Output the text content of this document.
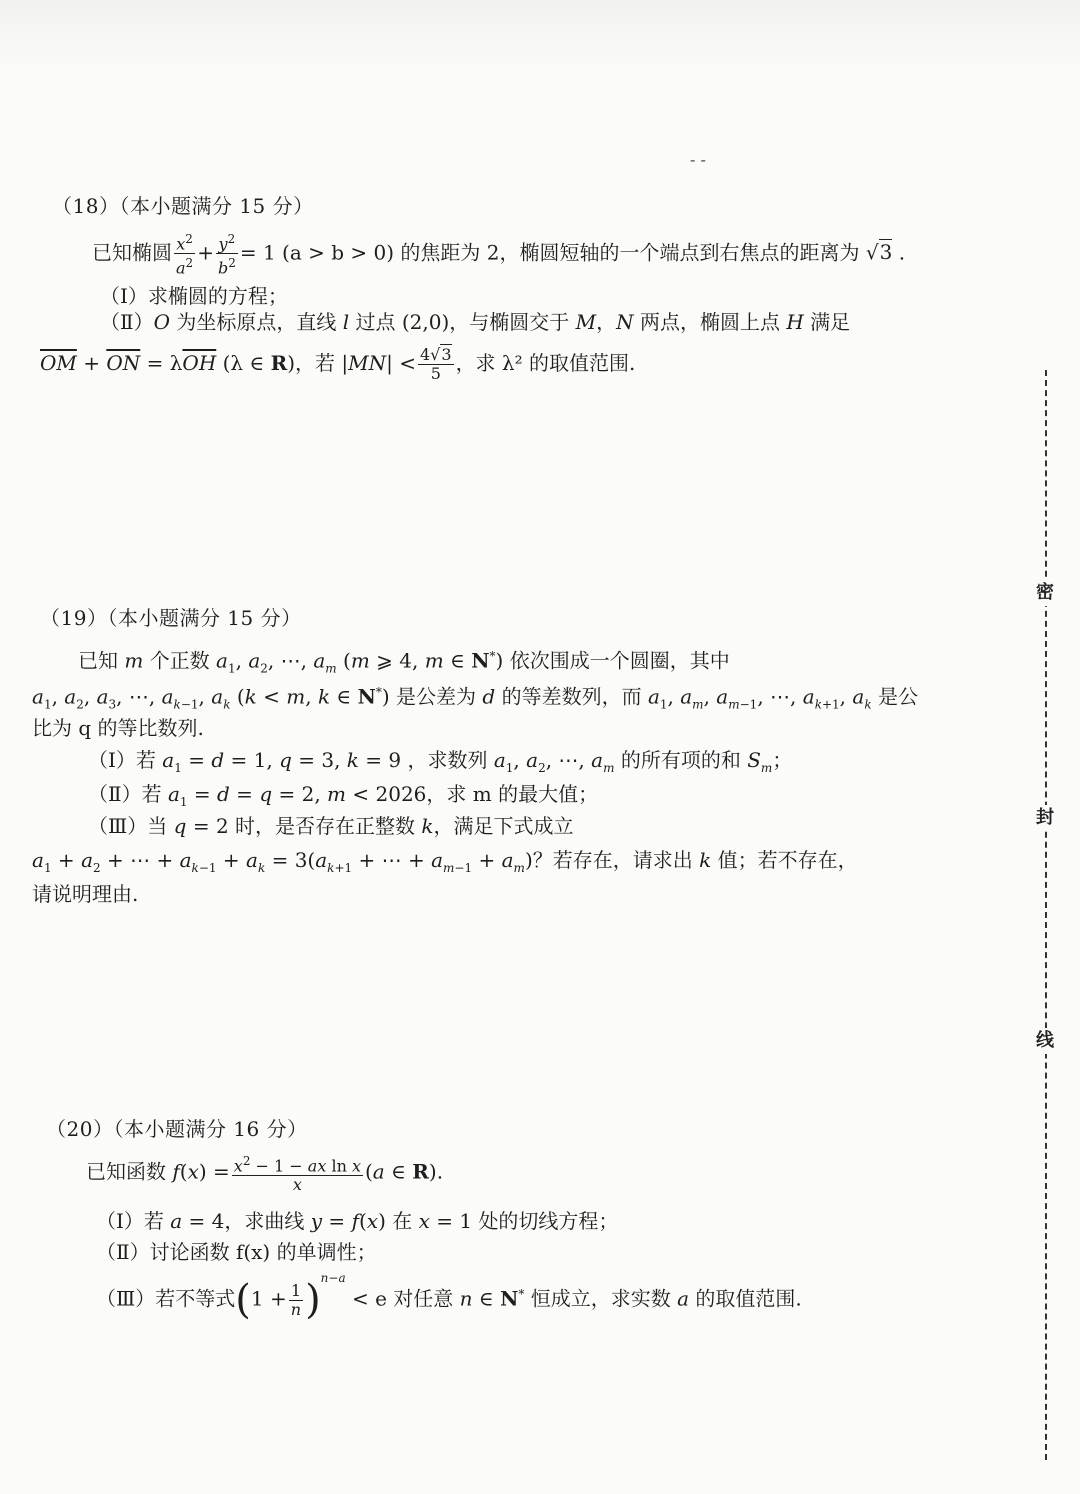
- -
（18）（本小题满分 15 分）
已知椭圆 $\frac{x^2}{a^2} + \frac{y^2}{b^2} = 1$ (a > b > 0) 的焦距为 2，椭圆短轴的一个端点到右焦点的距离为 √3 .
（Ⅰ）求椭圆的方程；
（Ⅱ）O 为坐标原点，直线 l 过点 (2,0)，与椭圆交于 M，N 两点，椭圆上点 H 满足
$\overline{OM} + \overline{ON} = \lambda\overline{OH}$ (λ ∈ R)，若 $|MN| < \frac{4√3}{5}$ ，求 λ² 的取值范围.
（19）（本小题满分 15 分）
已知 m 个正数 $a_1$, $a_2$, ⋯, $a_m$ (m ⩾ 4, m ∈ N*) 依次围成一个圆圈，其中
$a_1$, $a_2$, $a_3$, ⋯, $a_{k-1}$, $a_k$ (k < m, k ∈ N*) 是公差为 d 的等差数列，而 $a_1$, $a_m$, $a_{m-1}$, ⋯, $a_{k+1}$, $a_k$ 是公
比为 q 的等比数列.
（Ⅰ）若 $a_1 = d = 1$, q = 3, k = 9 ，求数列 $a_1$, $a_2$, ⋯, $a_m$ 的所有项的和 $S_m$；
（Ⅱ）若 $a_1 = d = q = 2$, m < 2026，求 m 的最大值；
（Ⅲ）当 q = 2 时，是否存在正整数 k，满足下式成立
$a_1 + a_2$ + ⋯ + $a_{k-1} + a_k = 3(a_{k+1}$ + ⋯ + $a_{m-1} + a_m$)？若存在，请求出 k 值；若不存在，
请说明理由.
（20）（本小题满分 16 分）
已知函数 $f(x) = \frac{x^2 - 1 - ax \ln x}{x} (a$ ∈ R).
（Ⅰ）若 a = 4，求曲线 y = f(x) 在 x = 1 处的切线方程；
（Ⅱ）讨论函数 f(x) 的单调性；
（Ⅲ）若不等式$(1 + \frac{1}{n} )^{n-a} < e$ 对任意 n ∈ N* 恒成立，求实数 a 的取值范围.
密
封
线
